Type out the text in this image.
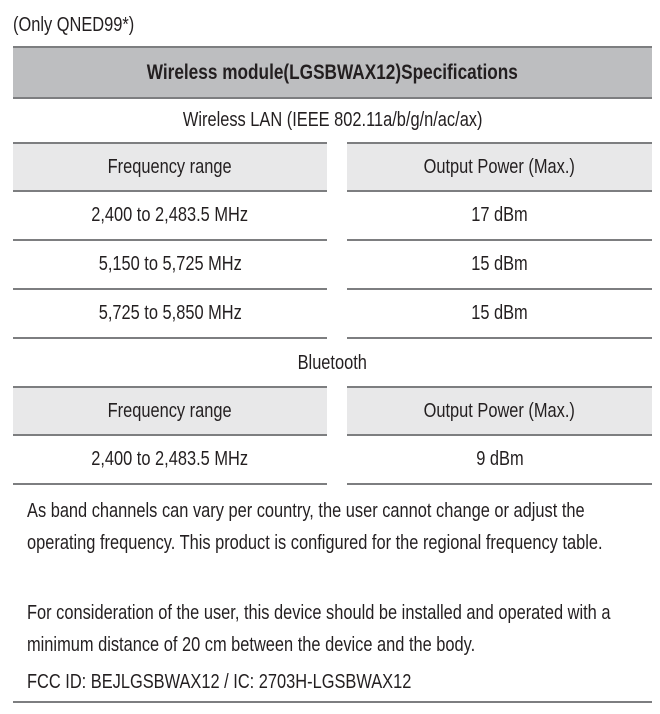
(Only QNED99*)
Wireless module(LGSBWAX12)Specifications
Wireless LAN (IEEE 802.11a/b/g/n/ac/ax)
Frequency range	Output Power (Max.)
2,400 to 2,483.5 MHz	17 dBm
5,150 to 5,725 MHz	15 dBm
5,725 to 5,850 MHz	15 dBm
Bluetooth
Frequency range	Output Power (Max.)
2,400 to 2,483.5 MHz	9 dBm
As band channels can vary per country, the user cannot change or adjust the operating frequency. This product is configured for the regional frequency table.
For consideration of the user, this device should be installed and operated with a minimum distance of 20 cm between the device and the body.
FCC ID: BEJLGSBWAX12 / IC: 2703H-LGSBWAX12
